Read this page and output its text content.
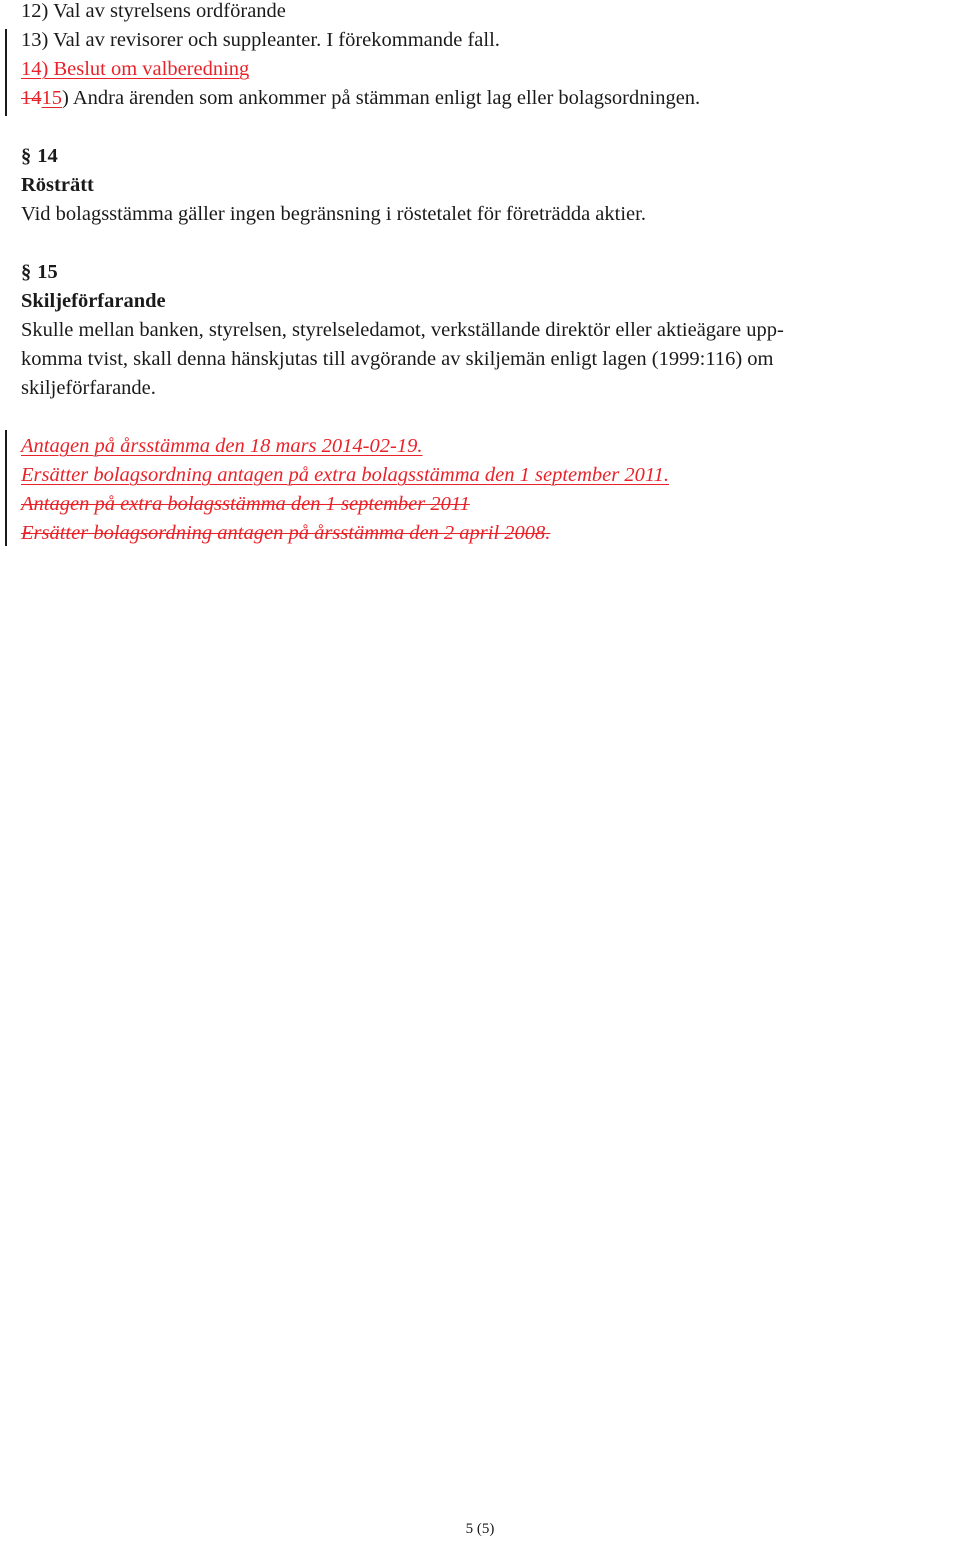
12) Val av styrelsens ordförande
13) Val av revisorer och suppleanter. I förekommande fall.
14) Beslut om valberedning
1415) Andra ärenden som ankommer på stämman enligt lag eller bolagsordningen.
§ 14
Rösträtt
Vid bolagsstämma gäller ingen begränsning i röstetalet för företrädda aktier.
§ 15
Skiljeförfarande
Skulle mellan banken, styrelsen, styrelseledamot, verkställande direktör eller aktieägare upp-
komma tvist, skall denna hänskjutas till avgörande av skiljemän enligt lagen (1999:116) om
skiljeförfarande.
Antagen på årsstämma den 18 mars 2014-02-19.
Ersätter bolagsordning antagen på extra bolagsstämma den 1 september 2011.
Antagen på extra bolagsstämma den 1 september 2011
Ersätter bolagsordning antagen på årsstämma den 2 april 2008.
5 (5)
